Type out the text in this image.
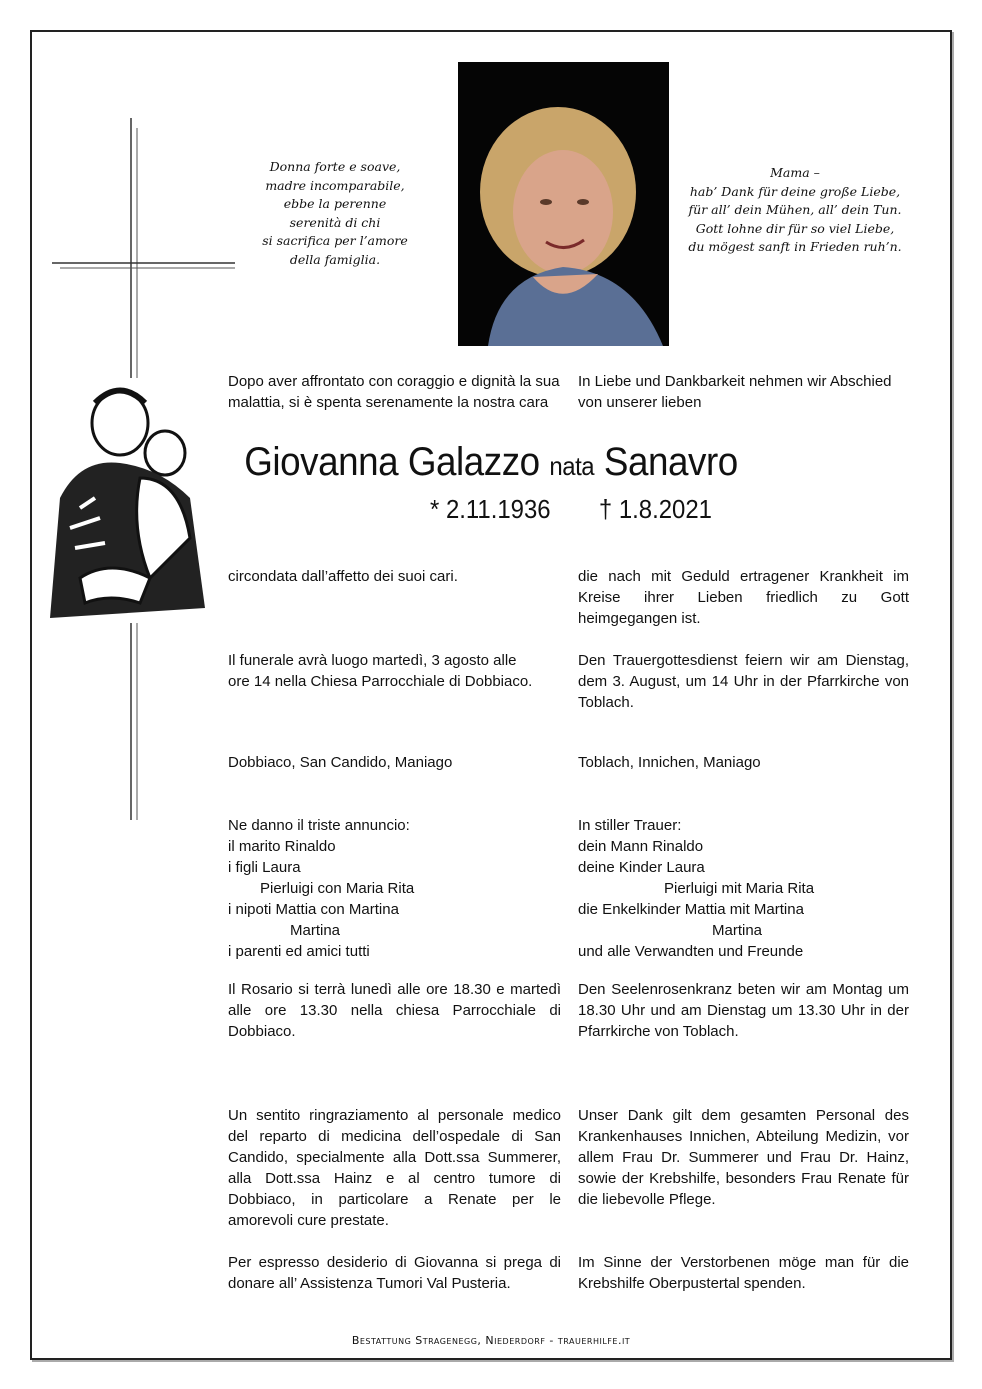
Donna forte e soave,
madre incomparabile,
ebbe la perenne
serenità di chi
si sacrifica per l’amore
della famiglia.
Mama –
hab’ Dank für deine große Liebe,
für all’ dein Mühen, all’ dein Tun.
Gott lohne dir für so viel Liebe,
du mögest sanft in Frieden ruh’n.
Dopo aver affrontato con coraggio e dignità la sua
malattia, si è spenta serenamente la nostra cara
In Liebe und Dankbarkeit nehmen wir Abschied
von unserer lieben
Giovanna Galazzo nata Sanavro
* 2.11.1936 † 1.8.2021
circondata dall’affetto dei suoi cari.	die nach mit Geduld ertragener Krankheit im Kreise ihrer Lieben friedlich zu Gott heimgegangen ist.
Il funerale avrà luogo martedì, 3 agosto alle
ore 14 nella Chiesa Parrocchiale di Dobbiaco.
Den Trauergottesdienst feiern wir am Dienstag, dem 3. August, um 14 Uhr in der Pfarrkirche von Toblach.
Dobbiaco, San Candido, Maniago	Toblach, Innichen, Maniago
Ne danno il triste annuncio:
il marito Rinaldo
i figli Laura
Pierluigi con Maria Rita
i nipoti Mattia con Martina
Martina
i parenti ed amici tutti
In stiller Trauer:
dein Mann Rinaldo
deine Kinder Laura
Pierluigi mit Maria Rita
die Enkelkinder Mattia mit Martina
Martina
und alle Verwandten und Freunde
Il Rosario si terrà lunedì alle ore 18.30 e martedì alle ore 13.30 nella chiesa Parrocchiale di Dobbiaco.
Den Seelenrosenkranz beten wir am Montag um 18.30 Uhr und am Dienstag um 13.30 Uhr in der Pfarrkirche von Toblach.
Un sentito ringraziamento al personale medico del reparto di medicina dell’ospedale di San Candido, specialmente alla Dott.ssa Summerer, alla Dott.ssa Hainz e al centro tumore di Dobbiaco, in particolare a Renate per le amorevoli cure prestate.
Unser Dank gilt dem gesamten Personal des Krankenhauses Innichen, Abteilung Medizin, vor allem Frau Dr. Summerer und Frau Dr. Hainz, sowie der Krebshilfe, besonders Frau Renate für die liebevolle Pflege.
Per espresso desiderio di Giovanna si prega di donare all’ Assistenza Tumori Val Pusteria.
Im Sinne der Verstorbenen möge man für die Krebshilfe Oberpustertal spenden.
Bestattung Stragenegg, Niederdorf - trauerhilfe.it
